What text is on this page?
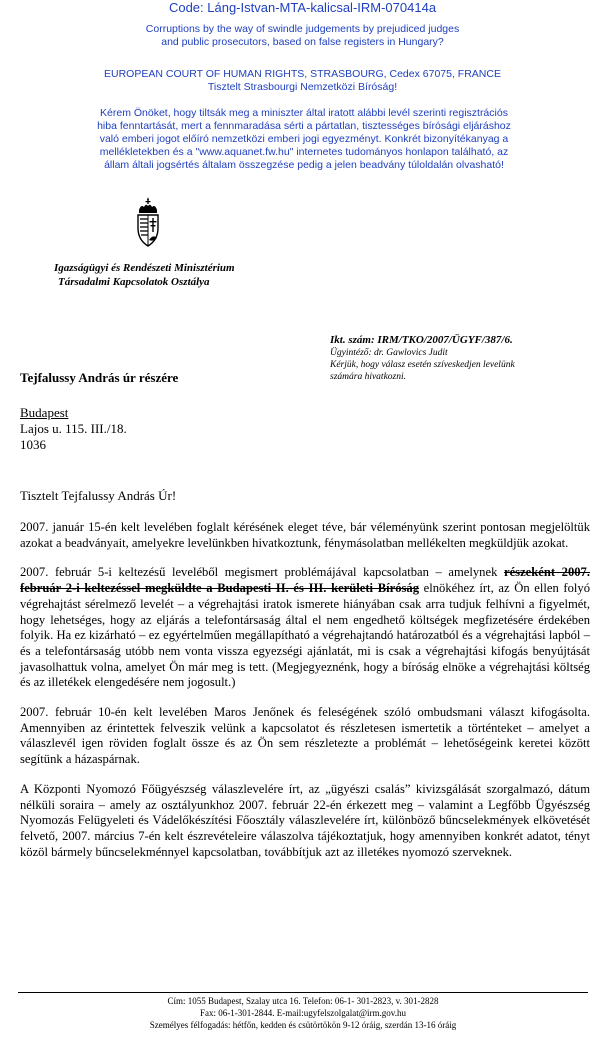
Code: Láng-Istvan-MTA-kalicsal-IRM-070414a
Corruptions by the way of swindle judgements by prejudiced judges
and public prosecutors, based on false registers in Hungary?
EUROPEAN COURT OF HUMAN RIGHTS, STRASBOURG, Cedex 67075, FRANCE
Tisztelt Strasbourgi Nemzetközi Bíróság!
Kérem Önöket, hogy tiltsák meg a miniszter által iratott alábbi levél szerinti regisztrációs
hiba fenntartását, mert a fennmaradása sérti a pártatlan, tisztességes bírósági eljáráshoz
való emberi jogot előíró nemzetközi emberi jogi egyezményt. Konkrét bizonyítékanyag a
mellékletekben és a "www.aquanet.fw.hu" internetes tudományos honlapon található, az
állam általi jogsértés általam összegzése pedig a jelen beadvány túloldalán olvasható!
Igazságügyi és Rendészeti Minisztérium
Társadalmi Kapcsolatok Osztálya
Ikt. szám: IRM/TKO/2007/ÜGYF/387/6.
Ügyintéző: dr. Gawlovics Judit
Kérjük, hogy válasz esetén szíveskedjen levelünk
számára hivatkozni.
Tejfalussy András úr részére
Budapest
Lajos u. 115. III./18.
1036
Tisztelt Tejfalussy András Úr!

2007. január 15-én kelt levelében foglalt kérésének eleget téve, bár véleményünk szerint pontosan megjelöltük azokat a beadványait, amelyekre levelünkben hivatkoztunk, fénymásolatban mellékelten megküldjük azokat.

2007. február 5-i keltezésű leveléből megismert problémájával kapcsolatban – amelynek részeként 2007. február 2-i keltezéssel megküldte a Budapesti II. és III. kerületi Bíróság elnökéhez írt, az Ön ellen folyó végrehajtást sérelmező levelét – a végrehajtási iratok ismerete hiányában csak arra tudjuk felhívni a figyelmét, hogy lehetséges, hogy az eljárás a telefontársaság által el nem engedhető költségek megfizetésére érdekében folyik. Ha ez kizárható – ez egyértelműen megállapítható a végrehajtandó határozatból és a végrehajtási lapból – és a telefontársaság utóbb nem vonta vissza egyezségi ajánlatát, mi is csak a végrehajtási kifogás benyújtását javasolhattuk volna, amelyet Ön már meg is tett. (Megjegyeznénk, hogy a bíróság elnöke a végrehajtási költség és az illetékek elengedésére nem jogosult.)

2007. február 10-én kelt levelében Maros Jenőnek és feleségének szóló ombudsmani választ kifogásolta. Amennyiben az érintettek felveszik velünk a kapcsolatot és részletesen ismertetik a történteket – amelyet a válaszlevél igen röviden foglalt össze és az Ön sem részletezte a problémát – lehetőségeink keretei között segítünk a házaspárnak.

A Központi Nyomozó Főügyészség válaszlevelére írt, az „ügyészi csalás” kivizsgálását szorgalmazó, dátum nélküli soraira – amely az osztályunkhoz 2007. február 22-én érkezett meg – valamint a Legfőbb Ügyészség Nyomozás Felügyeleti és Vádelőkészítési Főosztály válaszlevelére írt, különböző bűncselekmények elkövetését felvető, 2007. március 7-én kelt észrevételeire válaszolva tájékoztatjuk, hogy amennyiben konkrét adatot, tényt közöl bármely bűncselekménnyel kapcsolatban, továbbítjuk azt az illetékes nyomozó szerveknek.

Cím: 1055 Budapest, Szalay utca 16. Telefon: 06-1- 301-2823, v. 301-2828
Fax: 06-1-301-2844. E-mail:ugyfelszolgalat@irm.gov.hu
Személyes félfogadás: hétfőn, kedden és csütörtökön 9-12 óráig, szerdán 13-16 óráig
